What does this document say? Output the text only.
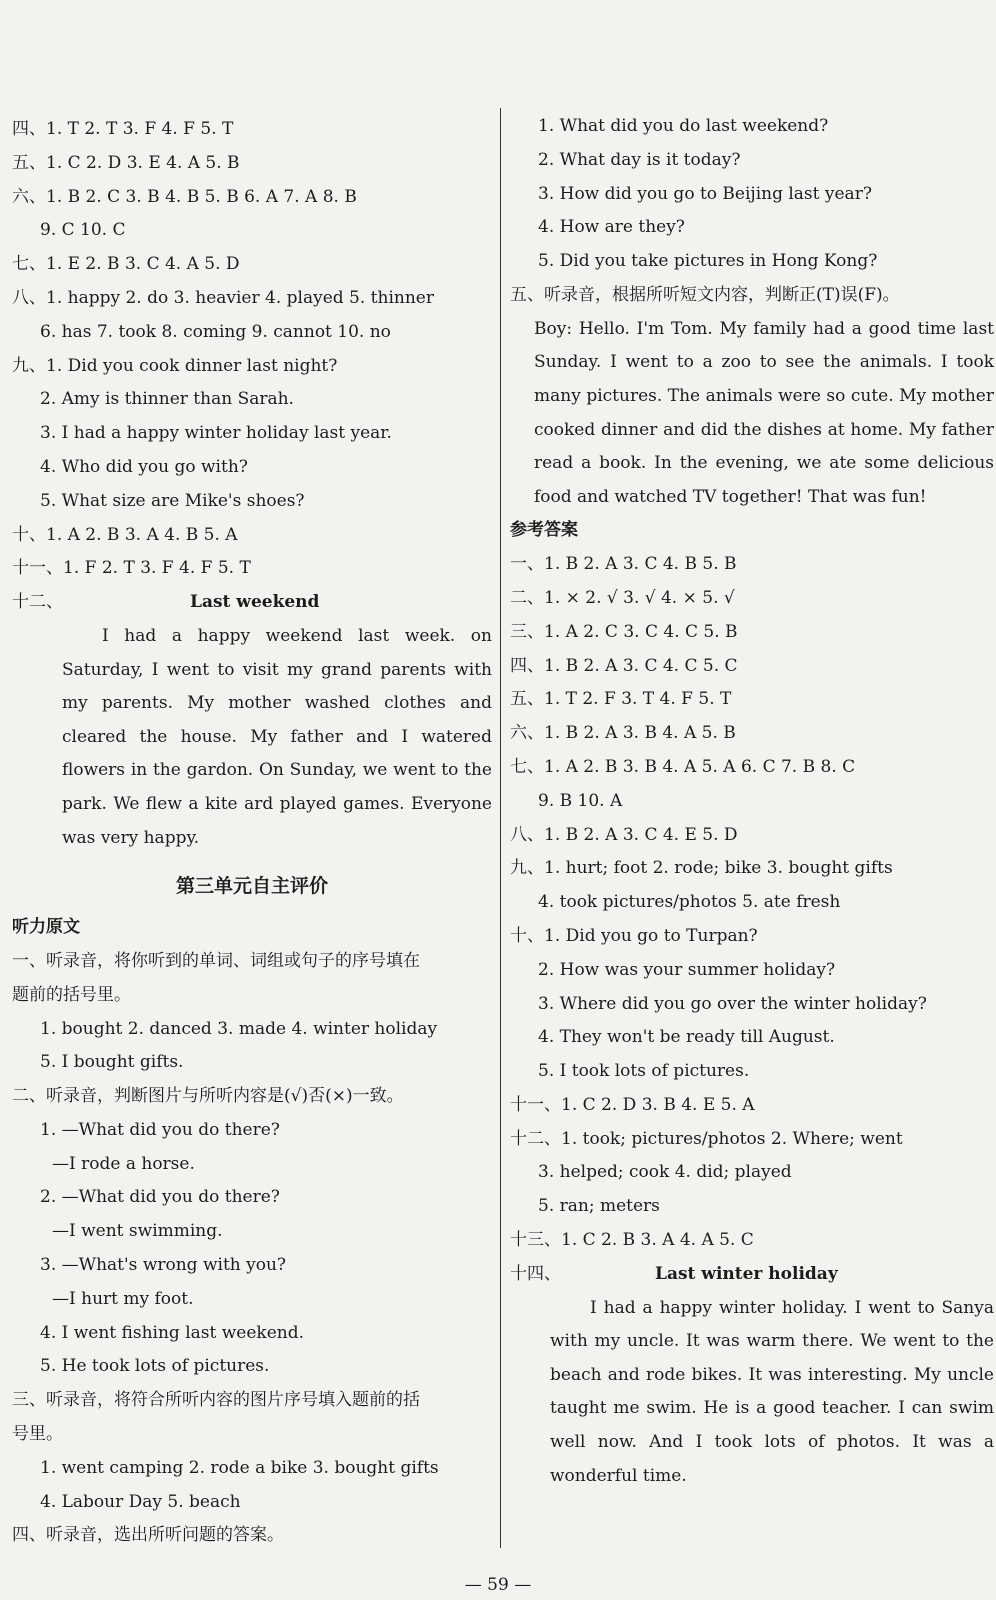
四、1. T 2. T 3. F 4. F 5. T
五、1. C 2. D 3. E 4. A 5. B
六、1. B 2. C 3. B 4. B 5. B 6. A 7. A 8. B
9. C 10. C
七、1. E 2. B 3. C 4. A 5. D
八、1. happy 2. do 3. heavier 4. played 5. thinner
6. has 7. took 8. coming 9. cannot 10. no
九、1. Did you cook dinner last night?
2. Amy is thinner than Sarah.
3. I had a happy winter holiday last year.
4. Who did you go with?
5. What size are Mike's shoes?
十、1. A 2. B 3. A 4. B 5. A
十一、1. F 2. T 3. F 4. F 5. T
十二、	Last weekend
I had a happy weekend last week. on Saturday, I went to visit my grand parents with my parents. My mother washed clothes and cleared the house. My father and I watered flowers in the gardon. On Sunday, we went to the park. We flew a kite ard played games. Everyone was very happy.
第三单元自主评价
听力原文
一、听录音，将你听到的单词、词组或句子的序号填在
题前的括号里。
1. bought 2. danced 3. made 4. winter holiday
5. I bought gifts.
二、听录音，判断图片与所听内容是(√)否(×)一致。
1. —What did you do there?
—I rode a horse.
2. —What did you do there?
—I went swimming.
3. —What's wrong with you?
—I hurt my foot.
4. I went fishing last weekend.
5. He took lots of pictures.
三、听录音，将符合所听内容的图片序号填入题前的括
号里。
1. went camping 2. rode a bike 3. bought gifts
4. Labour Day 5. beach
四、听录音，选出所听问题的答案。
1. What did you do last weekend?
2. What day is it today?
3. How did you go to Beijing last year?
4. How are they?
5. Did you take pictures in Hong Kong?
五、听录音，根据所听短文内容，判断正(T)误(F)。
Boy: Hello. I'm Tom. My family had a good time last Sunday. I went to a zoo to see the animals. I took many pictures. The animals were so cute. My mother cooked dinner and did the dishes at home. My father read a book. In the evening, we ate some delicious food and watched TV together! That was fun!
参考答案
一、1. B 2. A 3. C 4. B 5. B
二、1. × 2. √ 3. √ 4. × 5. √
三、1. A 2. C 3. C 4. C 5. B
四、1. B 2. A 3. C 4. C 5. C
五、1. T 2. F 3. T 4. F 5. T
六、1. B 2. A 3. B 4. A 5. B
七、1. A 2. B 3. B 4. A 5. A 6. C 7. B 8. C
9. B 10. A
八、1. B 2. A 3. C 4. E 5. D
九、1. hurt; foot 2. rode; bike 3. bought gifts
4. took pictures/photos 5. ate fresh
十、1. Did you go to Turpan?
2. How was your summer holiday?
3. Where did you go over the winter holiday?
4. They won't be ready till August.
5. I took lots of pictures.
十一、1. C 2. D 3. B 4. E 5. A
十二、1. took; pictures/photos 2. Where; went
3. helped; cook 4. did; played
5. ran; meters
十三、1. C 2. B 3. A 4. A 5. C
十四、	Last winter holiday
I had a happy winter holiday. I went to Sanya with my uncle. It was warm there. We went to the beach and rode bikes. It was interesting. My uncle taught me swim. He is a good teacher. I can swim well now. And I took lots of photos. It was a wonderful time.
— 59 —
